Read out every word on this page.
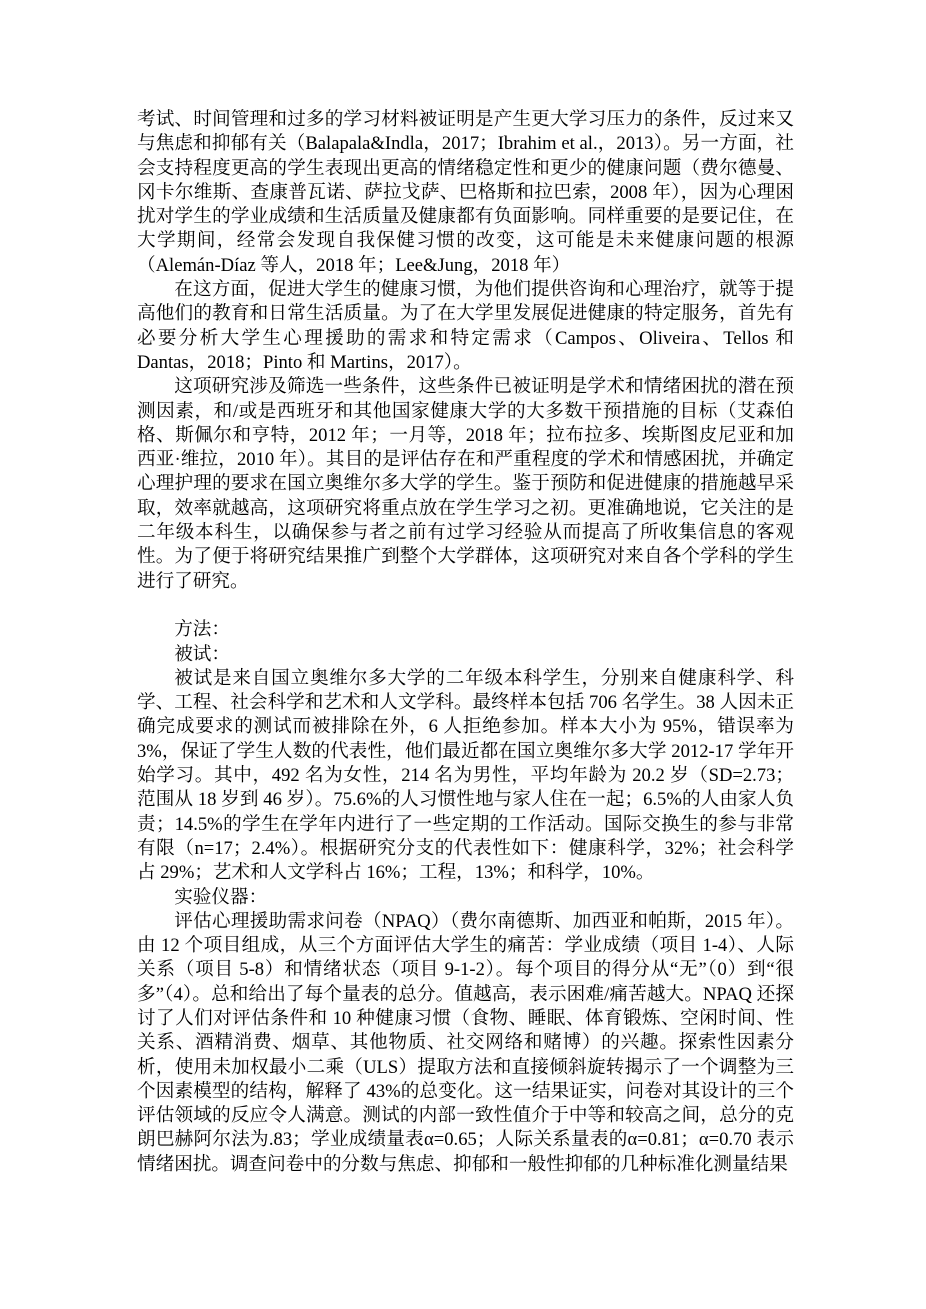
考试、时间管理和过多的学习材料被证明是产生更大学习压力的条件，反过来又与焦虑和抑郁有关（Balapala&Indla，2017；Ibrahim et al.，2013）。另一方面，社会支持程度更高的学生表现出更高的情绪稳定性和更少的健康问题（费尔德曼、冈卡尔维斯、查康普瓦诺、萨拉戈萨、巴格斯和拉巴索，2008 年），因为心理困扰对学生的学业成绩和生活质量及健康都有负面影响。同样重要的是要记住，在大学期间，经常会发现自我保健习惯的改变，这可能是未来健康问题的根源（Alemán-Díaz 等人，2018 年；Lee&Jung，2018 年）

在这方面，促进大学生的健康习惯，为他们提供咨询和心理治疗，就等于提高他们的教育和日常生活质量。为了在大学里发展促进健康的特定服务，首先有必要分析大学生心理援助的需求和特定需求（Campos、Oliveira、Tellos 和 Dantas，2018；Pinto 和 Martins，2017）。

这项研究涉及筛选一些条件，这些条件已被证明是学术和情绪困扰的潜在预测因素，和/或是西班牙和其他国家健康大学的大多数干预措施的目标（艾森伯格、斯佩尔和亨特，2012 年；一月等，2018 年；拉布拉多、埃斯图皮尼亚和加西亚·维拉，2010 年）。其目的是评估存在和严重程度的学术和情感困扰，并确定心理护理的要求在国立奥维尔多大学的学生。鉴于预防和促进健康的措施越早采取，效率就越高，这项研究将重点放在学生学习之初。更准确地说，它关注的是二年级本科生，以确保参与者之前有过学习经验从而提高了所收集信息的客观性。为了便于将研究结果推广到整个大学群体，这项研究对来自各个学科的学生进行了研究。

方法：

被试：

被试是来自国立奥维尔多大学的二年级本科学生，分别来自健康科学、科学、工程、社会科学和艺术和人文学科。最终样本包括 706 名学生。38 人因未正确完成要求的测试而被排除在外，6 人拒绝参加。样本大小为 95%，错误率为 3%，保证了学生人数的代表性，他们最近都在国立奥维尔多大学 2012-17 学年开始学习。其中，492 名为女性，214 名为男性，平均年龄为 20.2 岁（SD=2.73；范围从 18 岁到 46 岁）。75.6%的人习惯性地与家人住在一起；6.5%的人由家人负责；14.5%的学生在学年内进行了一些定期的工作活动。国际交换生的参与非常有限（n=17；2.4%）。根据研究分支的代表性如下：健康科学，32%；社会科学占 29%；艺术和人文学科占 16%；工程，13%；和科学，10%。

实验仪器：

评估心理援助需求问卷（NPAQ）（费尔南德斯、加西亚和帕斯，2015 年）。由 12 个项目组成，从三个方面评估大学生的痛苦：学业成绩（项目 1-4）、人际关系（项目 5-8）和情绪状态（项目 9-1-2）。每个项目的得分从“无”（0）到“很多”（4）。总和给出了每个量表的总分。值越高，表示困难/痛苦越大。NPAQ 还探讨了人们对评估条件和 10 种健康习惯（食物、睡眠、体育锻炼、空闲时间、性关系、酒精消费、烟草、其他物质、社交网络和赌博）的兴趣。探索性因素分析，使用未加权最小二乘（ULS）提取方法和直接倾斜旋转揭示了一个调整为三个因素模型的结构，解释了 43%的总变化。这一结果证实，问卷对其设计的三个评估领域的反应令人满意。测试的内部一致性值介于中等和较高之间，总分的克朗巴赫阿尔法为.83；学业成绩量表α=0.65；人际关系量表的α=0.81；α=0.70 表示情绪困扰。调查问卷中的分数与焦虑、抑郁和一般性抑郁的几种标准化测量结果
